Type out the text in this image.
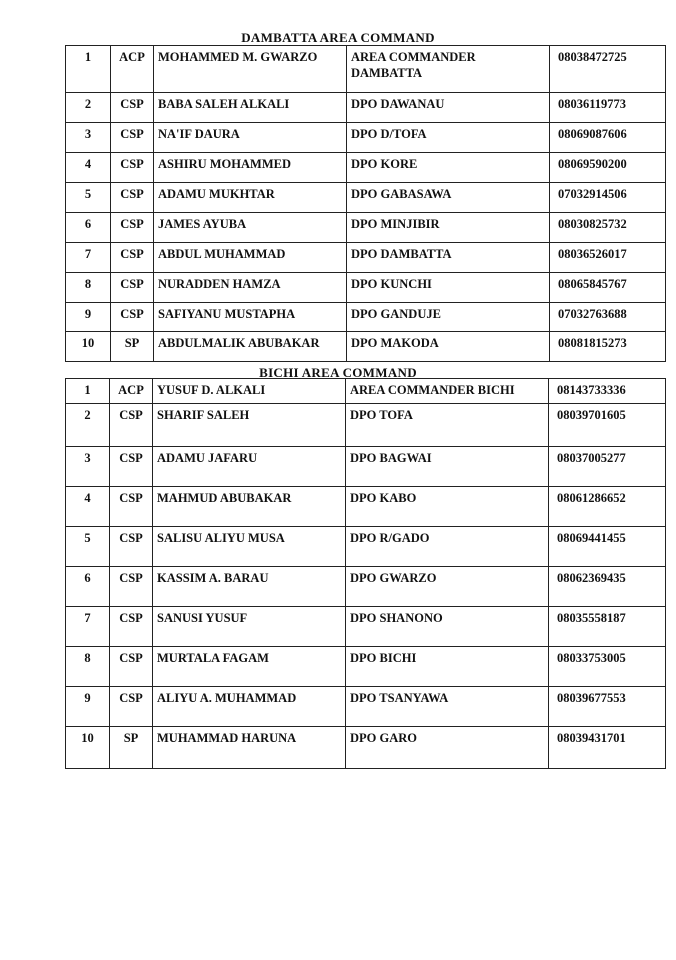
DAMBATTA AREA COMMAND
1	ACP	MOHAMMED M. GWARZO	AREA COMMANDER DAMBATTA	08038472725
2	CSP	BABA SALEH ALKALI	DPO DAWANAU	08036119773
3	CSP	NA'IF DAURA	DPO D/TOFA	08069087606
4	CSP	ASHIRU MOHAMMED	DPO KORE	08069590200
5	CSP	ADAMU MUKHTAR	DPO GABASAWA	07032914506
6	CSP	JAMES AYUBA	DPO MINJIBIR	08030825732
7	CSP	ABDUL MUHAMMAD	DPO DAMBATTA	08036526017
8	CSP	NURADDEN HAMZA	DPO KUNCHI	08065845767
9	CSP	SAFIYANU MUSTAPHA	DPO GANDUJE	07032763688
10	SP	ABDULMALIK ABUBAKAR	DPO MAKODA	08081815273
BICHI AREA COMMAND
1	ACP	YUSUF D. ALKALI	AREA COMMANDER BICHI	08143733336
2	CSP	SHARIF SALEH	DPO TOFA	08039701605
3	CSP	ADAMU JAFARU	DPO BAGWAI	08037005277
4	CSP	MAHMUD ABUBAKAR	DPO KABO	08061286652
5	CSP	SALISU ALIYU MUSA	DPO R/GADO	08069441455
6	CSP	KASSIM A. BARAU	DPO GWARZO	08062369435
7	CSP	SANUSI YUSUF	DPO SHANONO	08035558187
8	CSP	MURTALA FAGAM	DPO BICHI	08033753005
9	CSP	ALIYU A. MUHAMMAD	DPO TSANYAWA	08039677553
10	SP	MUHAMMAD HARUNA	DPO GARO	08039431701
